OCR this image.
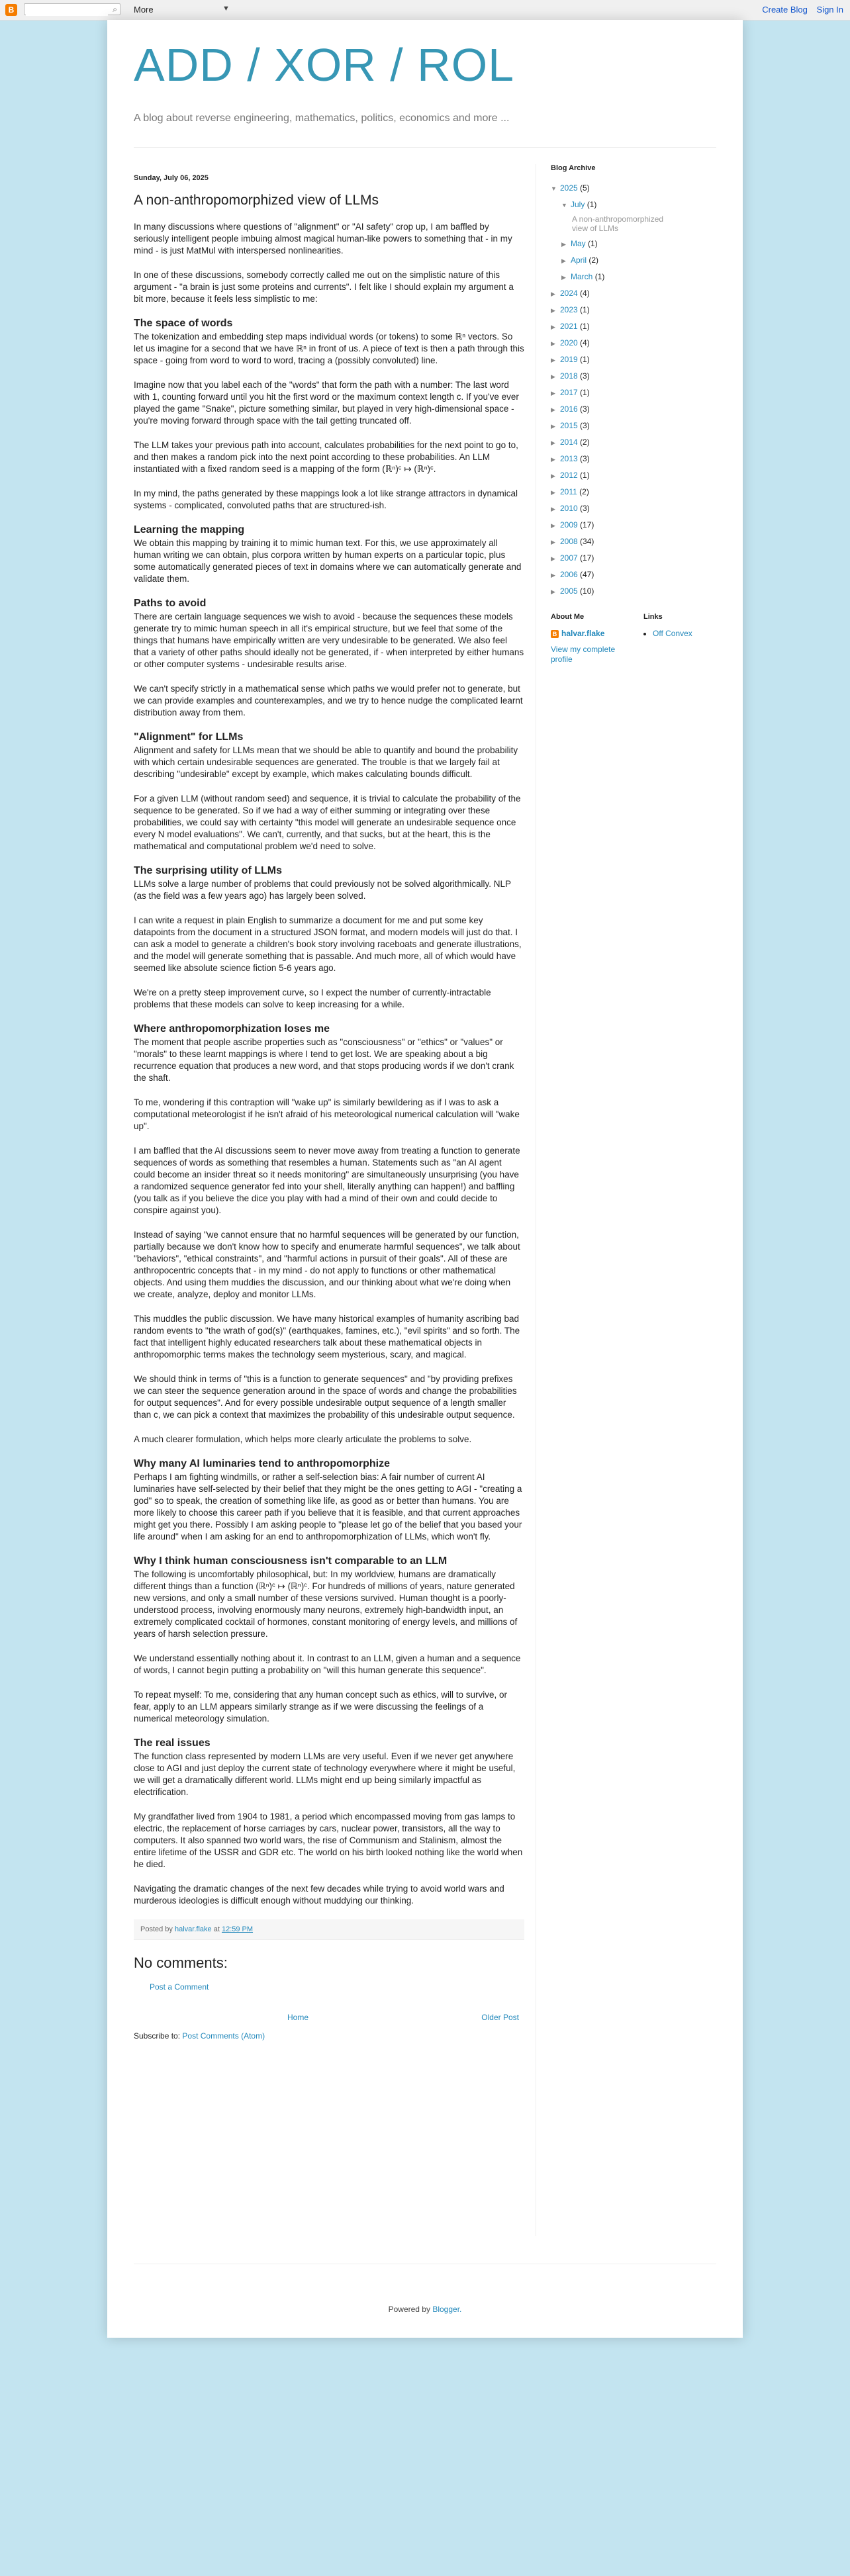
B	⌕ More	▼	Create Blog Sign In
ADD / XOR / ROL
A blog about reverse engineering, mathematics, politics, economics and more ...
Sunday, July 06, 2025
A non-anthropomorphized view of LLMs

In many discussions where questions of "alignment" or "AI safety" crop up, I am baffled by seriously intelligent people imbuing almost magical human-like powers to something that - in my mind - is just MatMul with interspersed nonlinearities.

In one of these discussions, somebody correctly called me out on the simplistic nature of this argument - "a brain is just some proteins and currents". I felt like I should explain my argument a bit more, because it feels less simplistic to me:

The space of words

The tokenization and embedding step maps individual words (or tokens) to some ℝⁿ vectors. So let us imagine for a second that we have ℝⁿ in front of us. A piece of text is then a path through this space - going from word to word to word, tracing a (possibly convoluted) line.

Imagine now that you label each of the "words" that form the path with a number: The last word with 1, counting forward until you hit the first word or the maximum context length c. If you've ever played the game "Snake", picture something similar, but played in very high-dimensional space - you're moving forward through space with the tail getting truncated off.

The LLM takes your previous path into account, calculates probabilities for the next point to go to, and then makes a random pick into the next point according to these probabilities. An LLM instantiated with a fixed random seed is a mapping of the form (ℝⁿ)ᶜ ↦ (ℝⁿ)ᶜ.

In my mind, the paths generated by these mappings look a lot like strange attractors in dynamical systems - complicated, convoluted paths that are structured-ish.

Learning the mapping

We obtain this mapping by training it to mimic human text. For this, we use approximately all human writing we can obtain, plus corpora written by human experts on a particular topic, plus some automatically generated pieces of text in domains where we can automatically generate and validate them.

Paths to avoid

There are certain language sequences we wish to avoid - because the sequences these models generate try to mimic human speech in all it's empirical structure, but we feel that some of the things that humans have empirically written are very undesirable to be generated. We also feel that a variety of other paths should ideally not be generated, if - when interpreted by either humans or other computer systems - undesirable results arise.

We can't specify strictly in a mathematical sense which paths we would prefer not to generate, but we can provide examples and counterexamples, and we try to hence nudge the complicated learnt distribution away from them.

"Alignment" for LLMs

Alignment and safety for LLMs mean that we should be able to quantify and bound the probability with which certain undesirable sequences are generated. The trouble is that we largely fail at describing "undesirable" except by example, which makes calculating bounds difficult.

For a given LLM (without random seed) and sequence, it is trivial to calculate the probability of the sequence to be generated. So if we had a way of either summing or integrating over these probabilities, we could say with certainty "this model will generate an undesirable sequence once every N model evaluations". We can't, currently, and that sucks, but at the heart, this is the mathematical and computational problem we'd need to solve.

The surprising utility of LLMs

LLMs solve a large number of problems that could previously not be solved algorithmically. NLP (as the field was a few years ago) has largely been solved.

I can write a request in plain English to summarize a document for me and put some key datapoints from the document in a structured JSON format, and modern models will just do that. I can ask a model to generate a children's book story involving raceboats and generate illustrations, and the model will generate something that is passable. And much more, all of which would have seemed like absolute science fiction 5-6 years ago.

We're on a pretty steep improvement curve, so I expect the number of currently-intractable problems that these models can solve to keep increasing for a while.

Where anthropomorphization loses me

The moment that people ascribe properties such as "consciousness" or "ethics" or "values" or "morals" to these learnt mappings is where I tend to get lost. We are speaking about a big recurrence equation that produces a new word, and that stops producing words if we don't crank the shaft.

To me, wondering if this contraption will "wake up" is similarly bewildering as if I was to ask a computational meteorologist if he isn't afraid of his meteorological numerical calculation will "wake up".

I am baffled that the AI discussions seem to never move away from treating a function to generate sequences of words as something that resembles a human. Statements such as "an AI agent could become an insider threat so it needs monitoring" are simultaneously unsurprising (you have a randomized sequence generator fed into your shell, literally anything can happen!) and baffling (you talk as if you believe the dice you play with had a mind of their own and could decide to conspire against you).

Instead of saying "we cannot ensure that no harmful sequences will be generated by our function, partially because we don't know how to specify and enumerate harmful sequences", we talk about "behaviors", "ethical constraints", and "harmful actions in pursuit of their goals". All of these are anthropocentric concepts that - in my mind - do not apply to functions or other mathematical objects. And using them muddies the discussion, and our thinking about what we're doing when we create, analyze, deploy and monitor LLMs.

This muddles the public discussion. We have many historical examples of humanity ascribing bad random events to "the wrath of god(s)" (earthquakes, famines, etc.), "evil spirits" and so forth. The fact that intelligent highly educated researchers talk about these mathematical objects in anthropomorphic terms makes the technology seem mysterious, scary, and magical.

We should think in terms of "this is a function to generate sequences" and "by providing prefixes we can steer the sequence generation around in the space of words and change the probabilities for output sequences". And for every possible undesirable output sequence of a length smaller than c, we can pick a context that maximizes the probability of this undesirable output sequence.

A much clearer formulation, which helps more clearly articulate the problems to solve.

Why many AI luminaries tend to anthropomorphize

Perhaps I am fighting windmills, or rather a self-selection bias: A fair number of current AI luminaries have self-selected by their belief that they might be the ones getting to AGI - "creating a god" so to speak, the creation of something like life, as good as or better than humans. You are more likely to choose this career path if you believe that it is feasible, and that current approaches might get you there. Possibly I am asking people to "please let go of the belief that you based your life around" when I am asking for an end to anthropomorphization of LLMs, which won't fly.

Why I think human consciousness isn't comparable to an LLM

The following is uncomfortably philosophical, but: In my worldview, humans are dramatically different things than a function (ℝⁿ)ᶜ ↦ (ℝⁿ)ᶜ. For hundreds of millions of years, nature generated new versions, and only a small number of these versions survived. Human thought is a poorly-understood process, involving enormously many neurons, extremely high-bandwidth input, an extremely complicated cocktail of hormones, constant monitoring of energy levels, and millions of years of harsh selection pressure.

We understand essentially nothing about it. In contrast to an LLM, given a human and a sequence of words, I cannot begin putting a probability on "will this human generate this sequence".

To repeat myself: To me, considering that any human concept such as ethics, will to survive, or fear, apply to an LLM appears similarly strange as if we were discussing the feelings of a numerical meteorology simulation.

The real issues

The function class represented by modern LLMs are very useful. Even if we never get anywhere close to AGI and just deploy the current state of technology everywhere where it might be useful, we will get a dramatically different world. LLMs might end up being similarly impactful as electrification.

My grandfather lived from 1904 to 1981, a period which encompassed moving from gas lamps to electric, the replacement of horse carriages by cars, nuclear power, transistors, all the way to computers. It also spanned two world wars, the rise of Communism and Stalinism, almost the entire lifetime of the USSR and GDR etc. The world on his birth looked nothing like the world when he died.

Navigating the dramatic changes of the next few decades while trying to avoid world wars and murderous ideologies is difficult enough without muddying our thinking.

Posted by halvar.flake at 12:59 PM
No comments:
Post a Comment
Home	Older Post
Subscribe to: Post Comments (Atom)
Blog Archive
▼ 2025 (5)
▼ July (1)
A non-anthropomorphized view of LLMs
▶ May (1)
▶ April (2)
▶ March (1)
▶ 2024 (4)
▶ 2023 (1)
▶ 2021 (1)
▶ 2020 (4)
▶ 2019 (1)
▶ 2018 (3)
▶ 2017 (1)
▶ 2016 (3)
▶ 2015 (3)
▶ 2014 (2)
▶ 2013 (3)
▶ 2012 (1)
▶ 2011 (2)
▶ 2010 (3)
▶ 2009 (17)
▶ 2008 (34)
▶ 2007 (17)
▶ 2006 (47)
▶ 2005 (10)
About Me
B halvar.flake
View my complete profile
Links
• Off Convex
Powered by Blogger.
